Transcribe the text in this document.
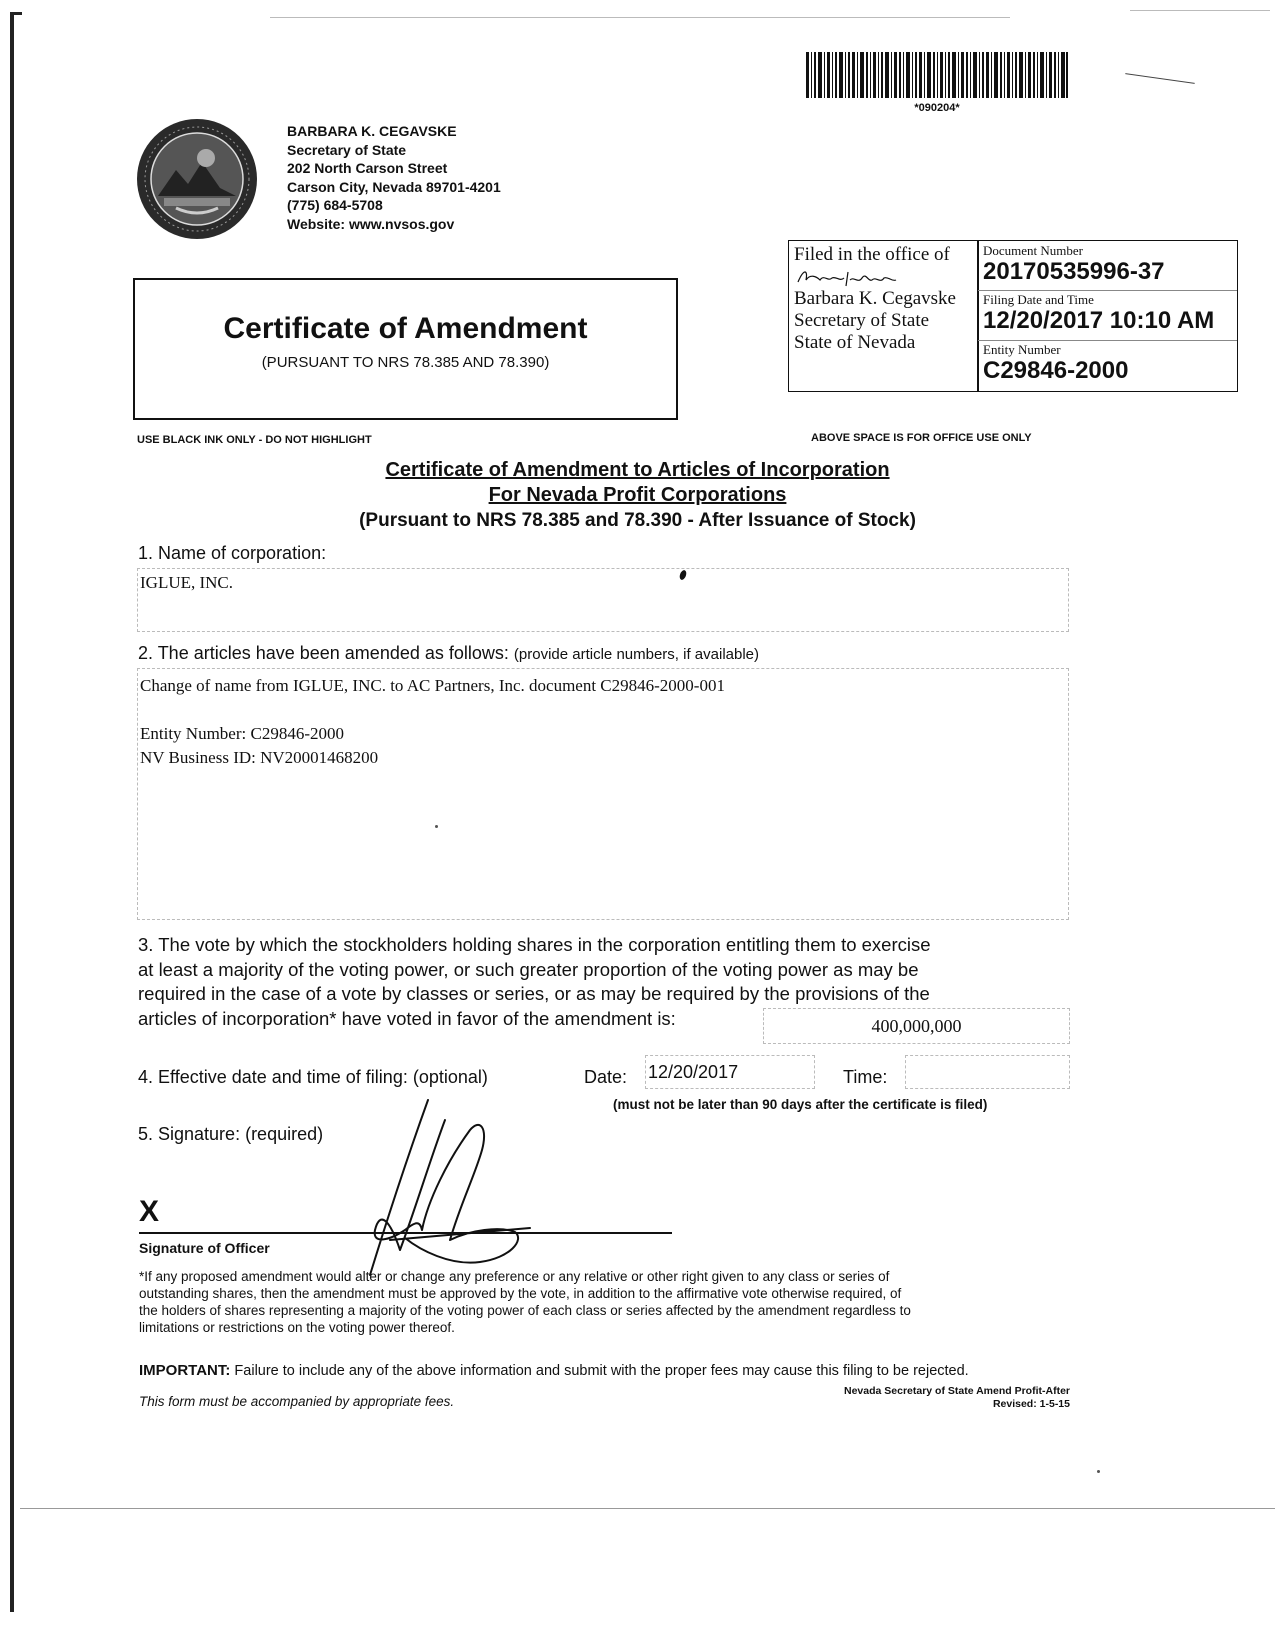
*090204*
BARBARA K. CEGAVSKE
Secretary of State
202 North Carson Street
Carson City, Nevada 89701-4201
(775) 684-5708
Website: www.nvsos.gov
Certificate of Amendment
(PURSUANT TO NRS 78.385 AND 78.390)
Filed in the office of
Barbara K. Cegavske
Secretary of State
State of Nevada
Document Number
20170535996-37
Filing Date and Time
12/20/2017 10:10 AM
Entity Number
C29846-2000
USE BLACK INK ONLY - DO NOT HIGHLIGHT	ABOVE SPACE IS FOR OFFICE USE ONLY
Certificate of Amendment to Articles of Incorporation
For Nevada Profit Corporations
(Pursuant to NRS 78.385 and 78.390 - After Issuance of Stock)
1. Name of corporation:
IGLUE, INC.
2. The articles have been amended as follows: (provide article numbers, if available)
Change of name from IGLUE, INC. to AC Partners, Inc. document C29846-2000-001
Entity Number: C29846-2000
NV Business ID: NV20001468200
3. The vote by which the stockholders holding shares in the corporation entitling them to exercise
at least a majority of the voting power, or such greater proportion of the voting power as may be
required in the case of a vote by classes or series, or as may be required by the provisions of the
articles of incorporation* have voted in favor of the amendment is:	400,000,000
4. Effective date and time of filing: (optional)	Date: 12/20/2017	Time:
(must not be later than 90 days after the certificate is filed)
5. Signature: (required)
X
Signature of Officer
*If any proposed amendment would alter or change any preference or any relative or other right given to any class or series of
outstanding shares, then the amendment must be approved by the vote, in addition to the affirmative vote otherwise required, of
the holders of shares representing a majority of the voting power of each class or series affected by the amendment regardless to
limitations or restrictions on the voting power thereof.
IMPORTANT: Failure to include any of the above information and submit with the proper fees may cause this filing to be rejected.
This form must be accompanied by appropriate fees.
Nevada Secretary of State Amend Profit-After
Revised: 1-5-15
